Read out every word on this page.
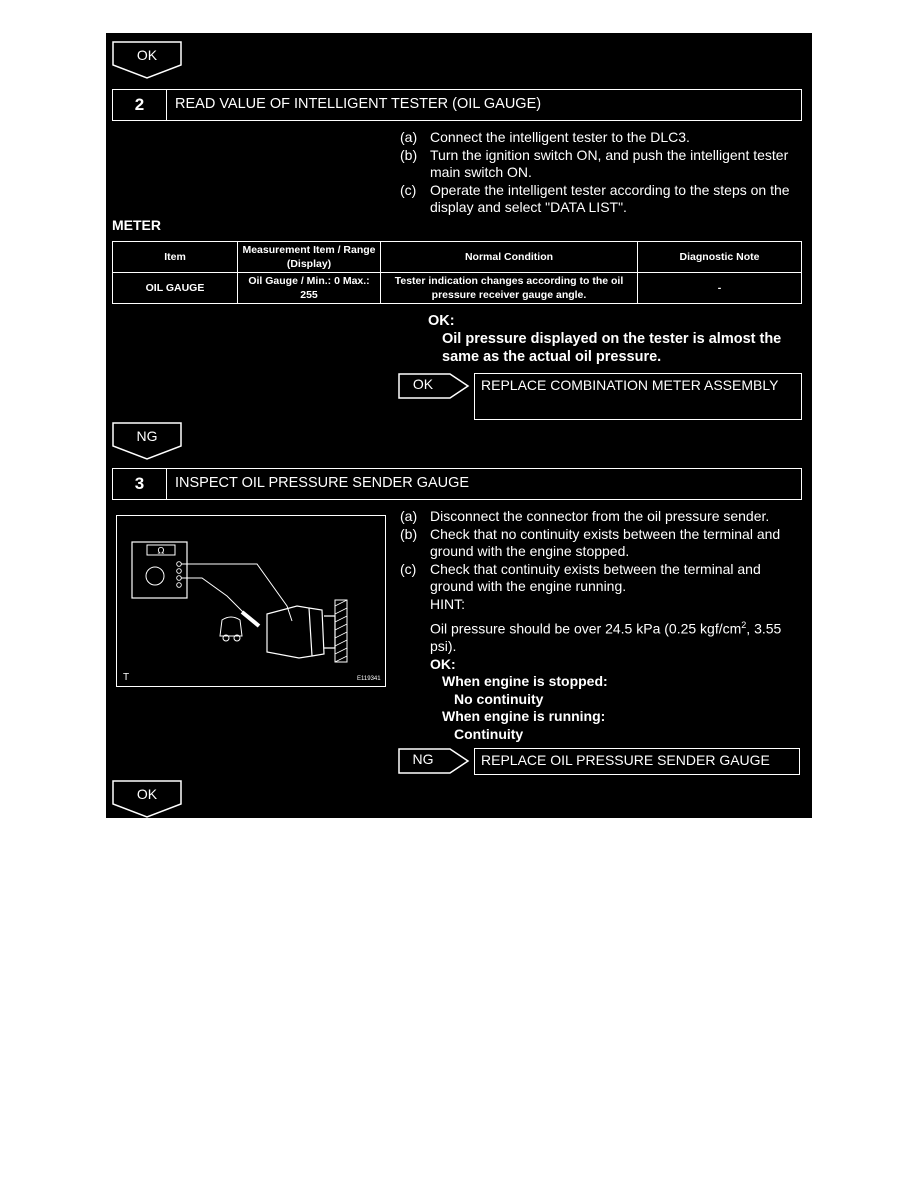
OK
2	READ VALUE OF INTELLIGENT TESTER (OIL GAUGE)
(a) Connect the intelligent tester to the DLC3.
(b) Turn the ignition switch ON, and push the intelligent tester main switch ON.
(c) Operate the intelligent tester according to the steps on the display and select "DATA LIST".
METER
Item	Measurement Item / Range (Display)	Normal Condition	Diagnostic Note
OIL GAUGE	Oil Gauge / Min.: 0 Max.: 255	Tester indication changes according to the oil pressure receiver gauge angle.	-
OK:
Oil pressure displayed on the tester is almost the same as the actual oil pressure.
OK	REPLACE COMBINATION METER ASSEMBLY
NG
3	INSPECT OIL PRESSURE SENDER GAUGE
Ω
T	E119341
(a) Disconnect the connector from the oil pressure sender.
(b) Check that no continuity exists between the terminal and ground with the engine stopped.
(c) Check that continuity exists between the terminal and ground with the engine running.
HINT:
Oil pressure should be over 24.5 kPa (0.25 kgf/$cm^2$, 3.55 psi).
OK:
When engine is stopped:
No continuity
When engine is running:
Continuity
NG	REPLACE OIL PRESSURE SENDER GAUGE
OK
